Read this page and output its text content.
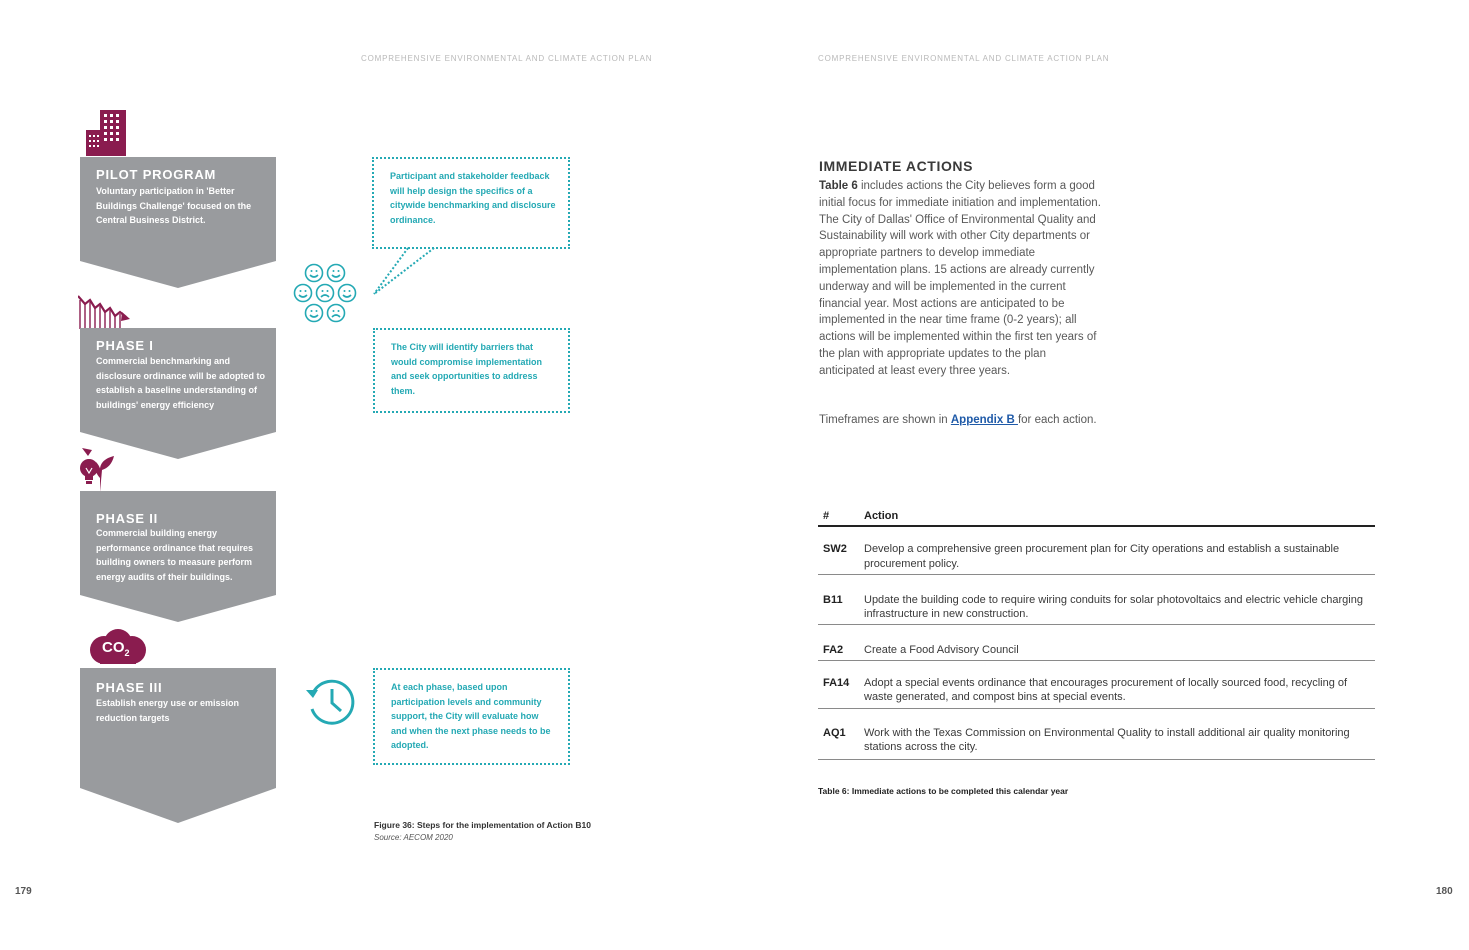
COMPREHENSIVE ENVIRONMENTAL AND CLIMATE ACTION PLAN	COMPREHENSIVE ENVIRONMENTAL AND CLIMATE ACTION PLAN
PILOT PROGRAM
Voluntary participation in 'Better Buildings Challenge' focused on the Central Business District.
PHASE I
Commercial benchmarking and disclosure ordinance will be adopted to establish a baseline understanding of buildings' energy efficiency
PHASE II
Commercial building energy performance ordinance that requires building owners to measure perform energy audits of their buildings.
$CO_2$
PHASE III
Establish energy use or emission reduction targets
Participant and stakeholder feedback will help design the specifics of a citywide benchmarking and disclosure ordinance.
The City will identify barriers that would compromise implementation and seek opportunities to address them.
At each phase, based upon participation levels and community support, the City will evaluate how and when the next phase needs to be adopted.
Figure 36: Steps for the implementation of Action B10
Source: AECOM 2020
179	180
IMMEDIATE ACTIONS

Table 6 includes actions the City believes form a good initial focus for immediate initiation and implementation. The City of Dallas' Office of Environmental Quality and Sustainability will work with other City departments or appropriate partners to develop immediate implementation plans. 15 actions are already currently underway and will be implemented in the current financial year. Most actions are anticipated to be implemented in the near time frame (0-2 years); all actions will be implemented within the first ten years of the plan with appropriate updates to the plan anticipated at least every three years.

Timeframes are shown in Appendix B for each action.

#	Action
SW2	Develop a comprehensive green procurement plan for City operations and establish a sustainable procurement policy.
B11	Update the building code to require wiring conduits for solar photovoltaics and electric vehicle charging infrastructure in new construction.
FA2	Create a Food Advisory Council
FA14	Adopt a special events ordinance that encourages procurement of locally sourced food, recycling of waste generated, and compost bins at special events.
AQ1	Work with the Texas Commission on Environmental Quality to install additional air quality monitoring stations across the city.
Table 6: Immediate actions to be completed this calendar year
